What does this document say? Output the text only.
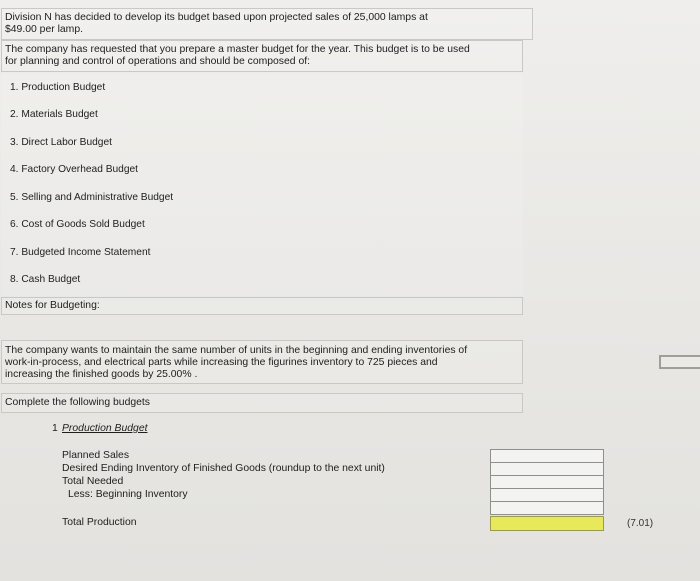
Division N has decided to develop its budget based upon projected sales of 25,000 lamps at
$49.00 per lamp.
The company has requested that you prepare a master budget for the year. This budget is to be used
for planning and control of operations and should be composed of:
1. Production Budget
2. Materials Budget
3. Direct Labor Budget
4. Factory Overhead Budget
5. Selling and Administrative Budget
6. Cost of Goods Sold Budget
7. Budgeted Income Statement
8. Cash Budget
Notes for Budgeting:
The company wants to maintain the same number of units in the beginning and ending inventories of
work-in-process, and electrical parts while increasing the figurines inventory to 725 pieces and
increasing the finished goods by 25.00% .
Complete the following budgets
1 Production Budget
Planned Sales
Desired Ending Inventory of Finished Goods (roundup to the next unit)
Total Needed
Less: Beginning Inventory
Total Production	(7.01)
